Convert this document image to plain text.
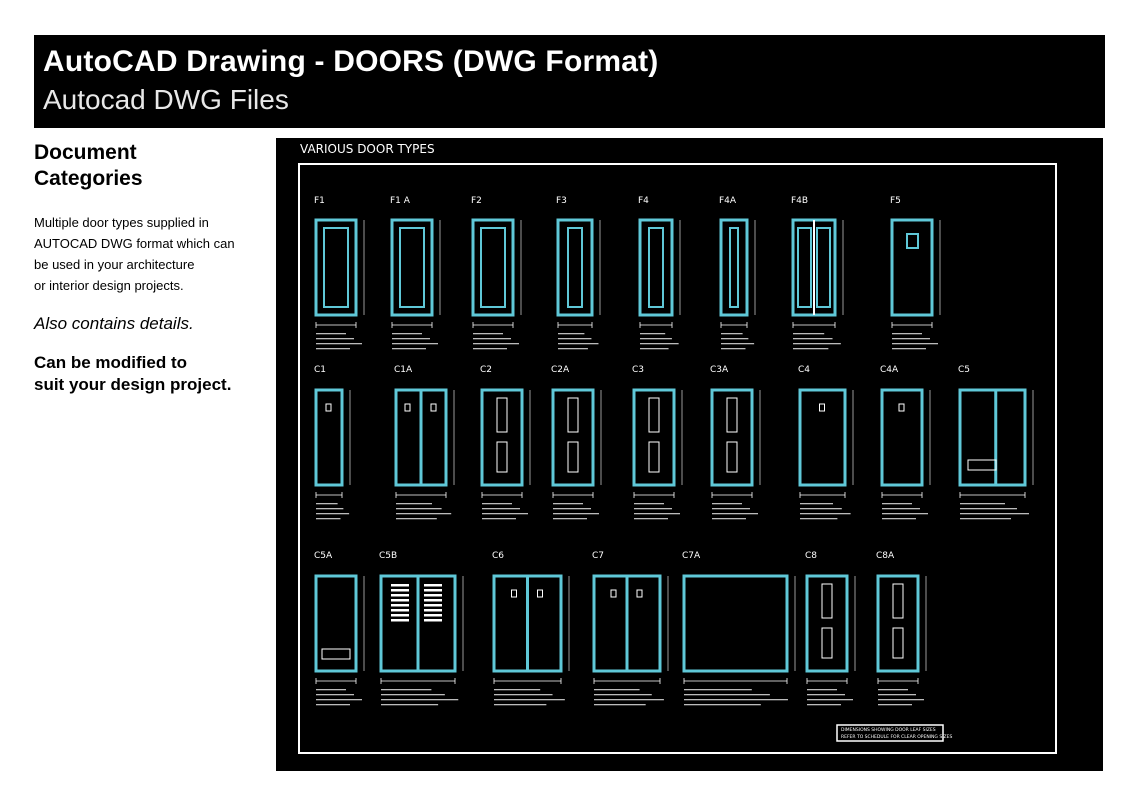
AutoCAD Drawing - DOORS (DWG Format)
Autocad DWG Files
Document
Categories
Multiple door types supplied in
AUTOCAD DWG format which can
be used in your architecture
or interior design projects.
Also contains details.
Can be modified to
suit your design project.
VARIOUS DOOR TYPES
F1	F1 A	F2	F3	F4	F4A	F4B	F5
C1	C1A	C2	C2A	C3	C3A	C4	C4A	C5
C5A	C5B	C6	C7	C7A	C8	C8A
DIMENSIONS SHOWING DOOR LEAF SIZES
REFER TO SCHEDULE FOR CLEAR OPENING SIZES
